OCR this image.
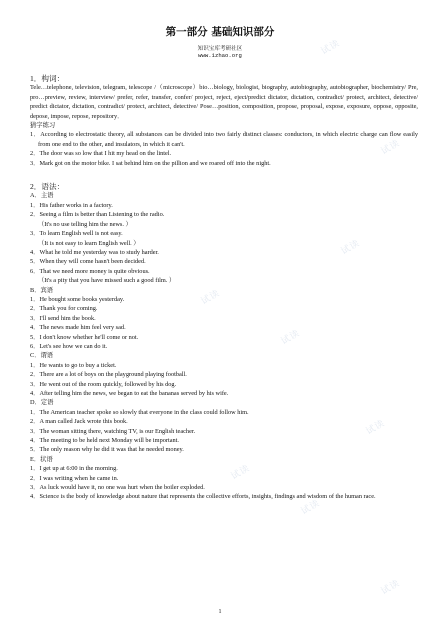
试读
试读
试读
试读
试读
试读
试读
试读
试读
第一部分 基础知识部分
知识宝库考研社区
www.1zhao.org
1．构词：
Tele…telephone, television, telegram, telescope /（microscope）bio…biology, biologist, biography, autobiography, autobiographer, biochemistry/ Pre, pro…preview, review, interview/ prefer, refer, transfer, confer/ project, reject, eject/predict dictator, dictation, contradict/ protect, architect, detective/ predict dictator, dictation, contradict/ protect, architect, detective/ Pose…position, composition, propose, proposal, expose, exposure, oppose, opposite, depose, impose, repose, repository．
猜字练习
1．According to electrostatic theory, all substances can be divided into two fairly distinct classes: conductors, in which electric charge can flow easily from one end to the other, and insulators, in which it can't.
2．The door was so low that I hit my head on the lintel.
3．Mark got on the motor bike. I sat behind him on the pillion and we roared off into the night.
2．语法：
A．主语
1．His father works in a factory.
2．Seeing a film is better than Listening to the radio.
（It's no use telling him the news. ）
3．To learn English well is not easy.
（It is not easy to learn English well. ）
4．What he told me yesterday was to study harder.
5．When they will come hasn't been decided.
6．That we need more money is quite obvious.
（It's a pity that you have missed such a good film. ）
B．宾语
1．He bought some books yesterday.
2．Thank you for coming.
3．I'll send him the book.
4．The news made him feel very sad.
5．I don't know whether he'll come or not.
6．Let's see how we can do it.
C．谓语
1．He wants to go to buy a ticket.
2．There are a lot of boys on the playground playing football.
3．He went out of the room quickly, followed by his dog.
4．After telling him the news, we began to eat the bananas served by his wife.
D．定语
1．The American teacher spoke so slowly that everyone in the class could follow him.
2．A man called Jack wrote this book.
3．The woman sitting there, watching TV, is our English teacher.
4．The meeting to be held next Monday will be important.
5．The only reason why he did it was that he needed money.
E．状语
1．I get up at 6:00 in the morning.
2．I was writing when he came in.
3．As luck would have it, no one was hurt when the boiler exploded.
4．Science is the body of knowledge about nature that represents the collective efforts, insights, findings and wisdom of the human race.
1
